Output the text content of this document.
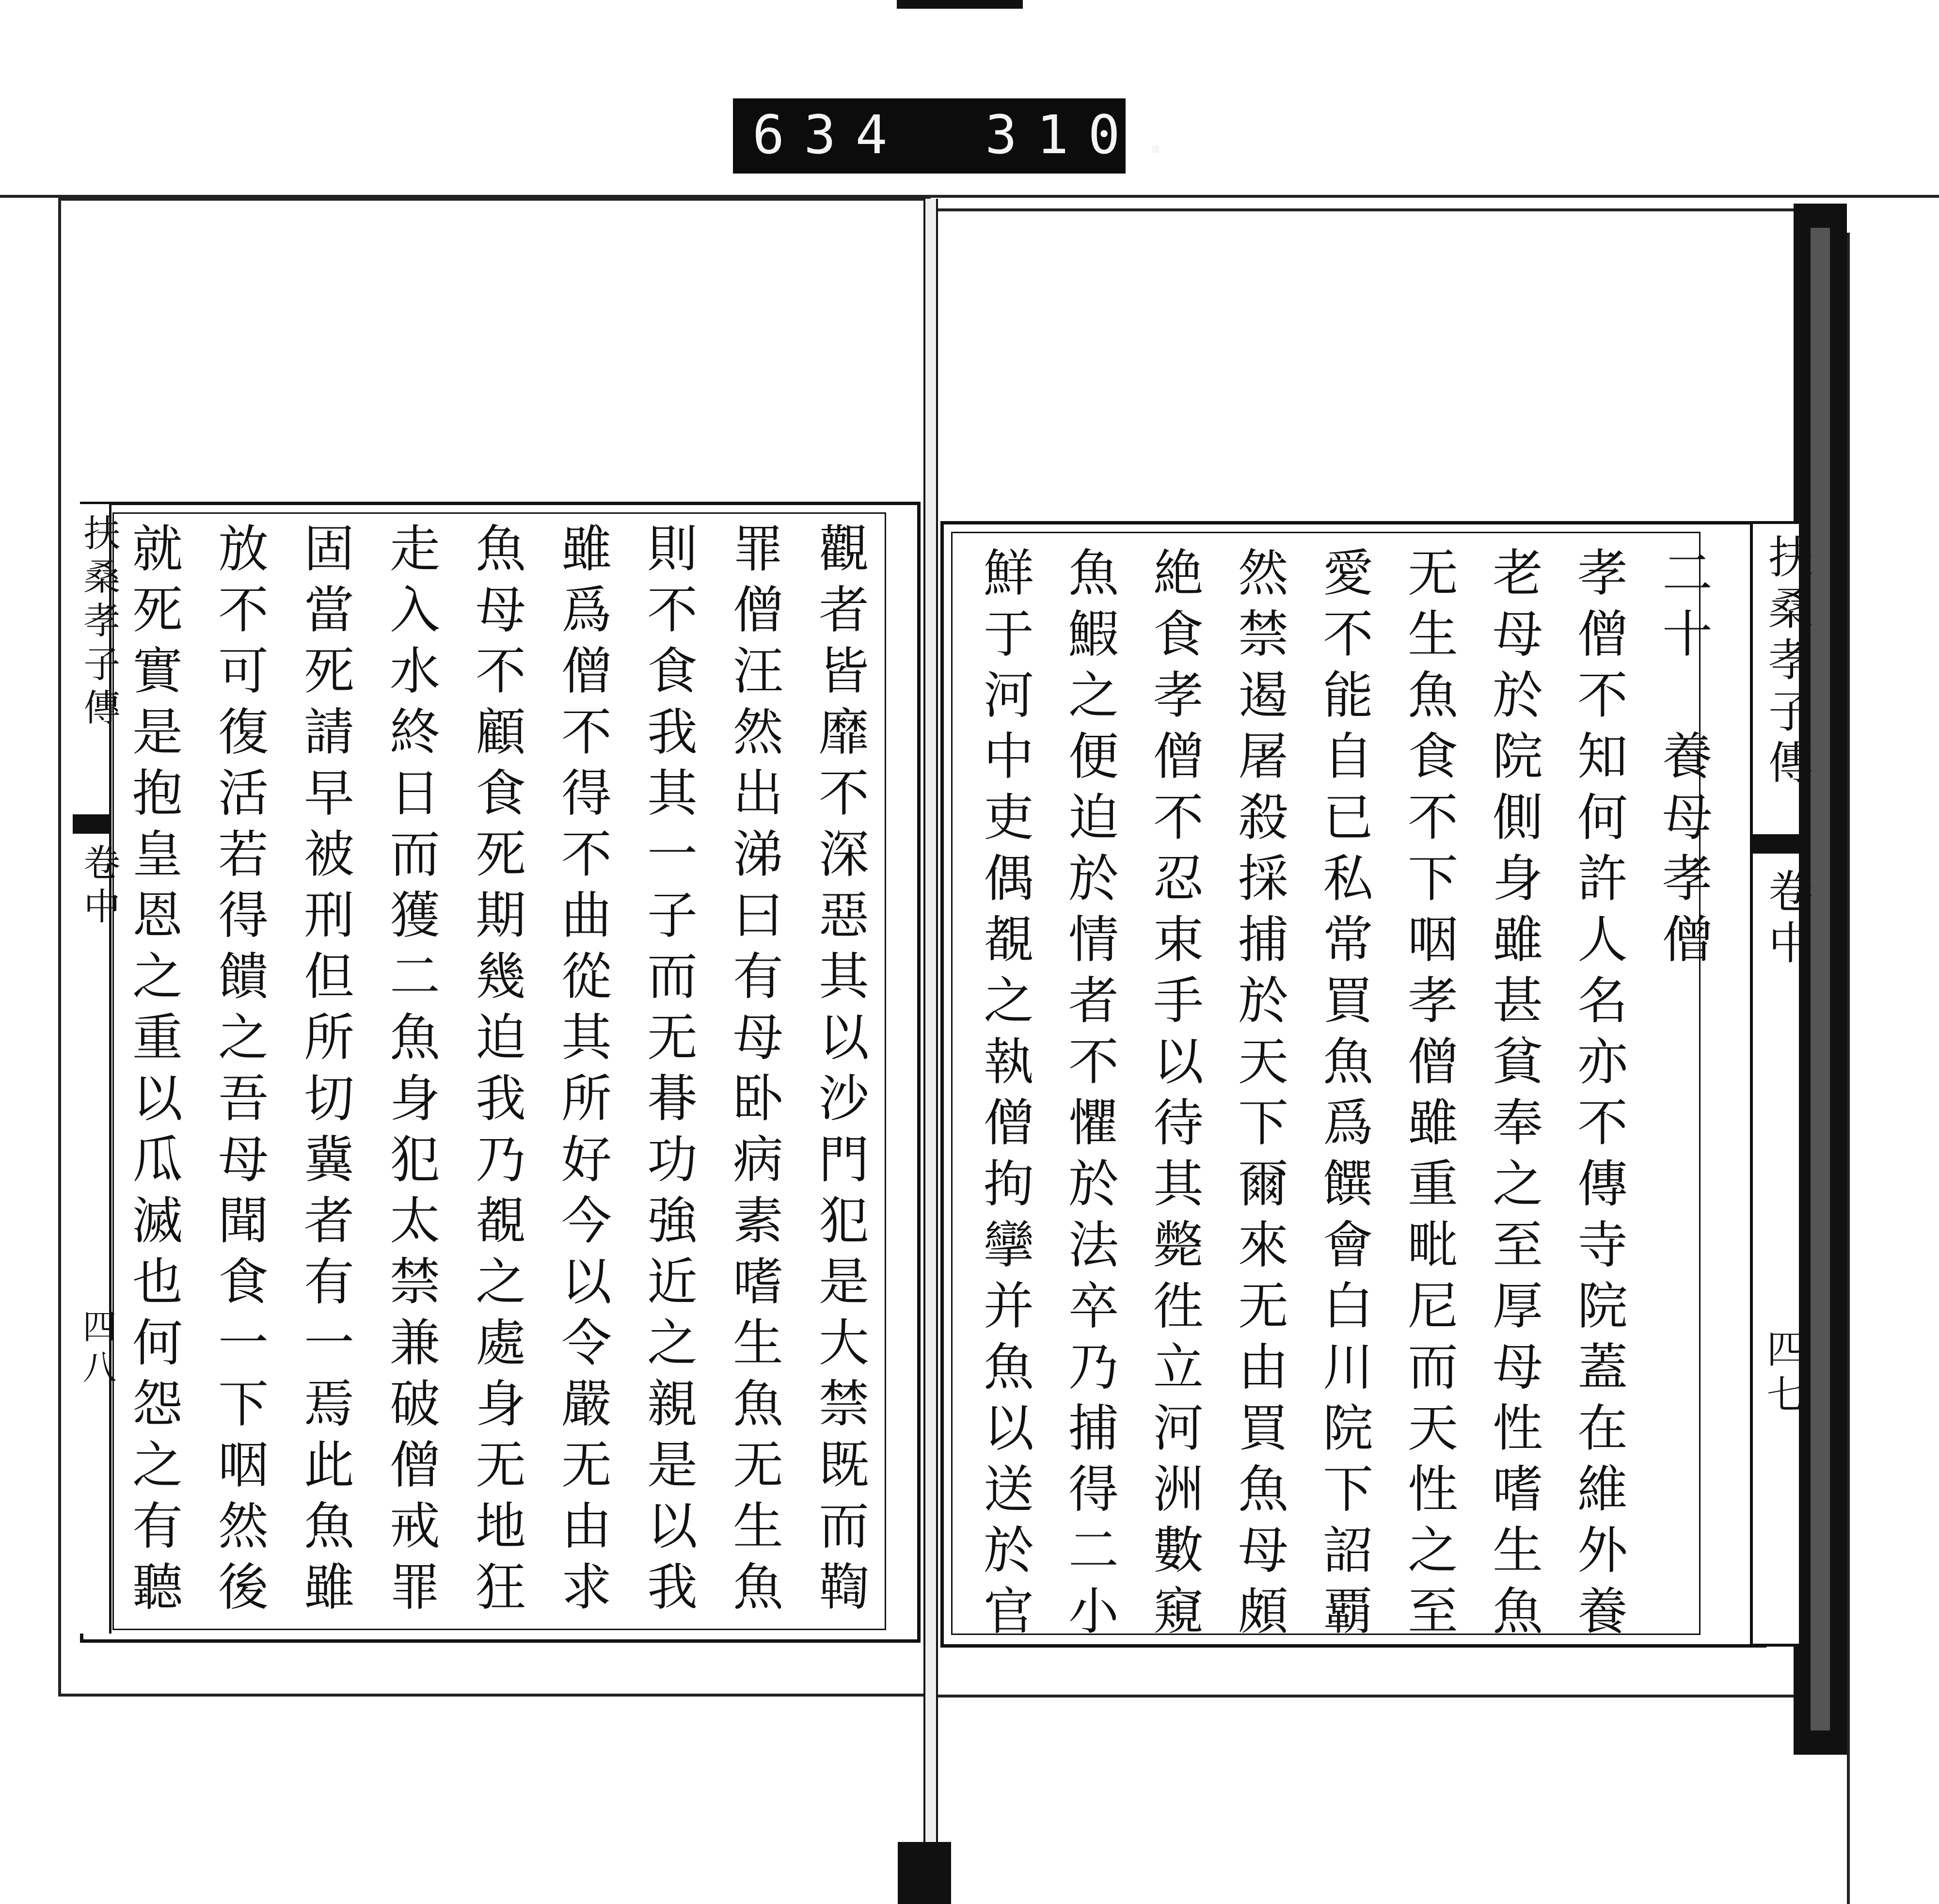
634 310.
二十　養母孝僧
孝僧不知何許人名亦不傳寺院蓋在維外養
老母於院側身雖甚貧奉之至厚母性嗜生魚
无生魚食不下咽孝僧雖重毗尼而天性之至
愛不能自已私常買魚爲饌會白川院下詔覇
然禁遏屠殺採捕於天下爾來无由買魚母頗
絶食孝僧不忍束手以待其斃徃立河洲數窺
魚鰕之便迫於情者不懼於法卒乃捕得二小
鮮于河中吏偶覩之執僧拘攣并魚以送於官	扶桑孝子傳
卷中
四七
觀者皆靡不深惡其以沙門犯是大禁既而鞫
罪僧汪然出涕曰有母卧病素嗜生魚无生魚
則不食我其一子而无朞功強近之親是以我
雖爲僧不得不曲從其所好今以令嚴无由求
魚母不顧食死期幾迫我乃覩之處身无地狂
走入水終日而獲二魚身犯太禁兼破僧戒罪
固當死請早被刑但所切冀者有一焉此魚雖
放不可復活若得饋之吾母聞食一下咽然後
就死實是抱皇恩之重以瓜滅也何怨之有聽
扶桑孝子傳
卷中
四八
